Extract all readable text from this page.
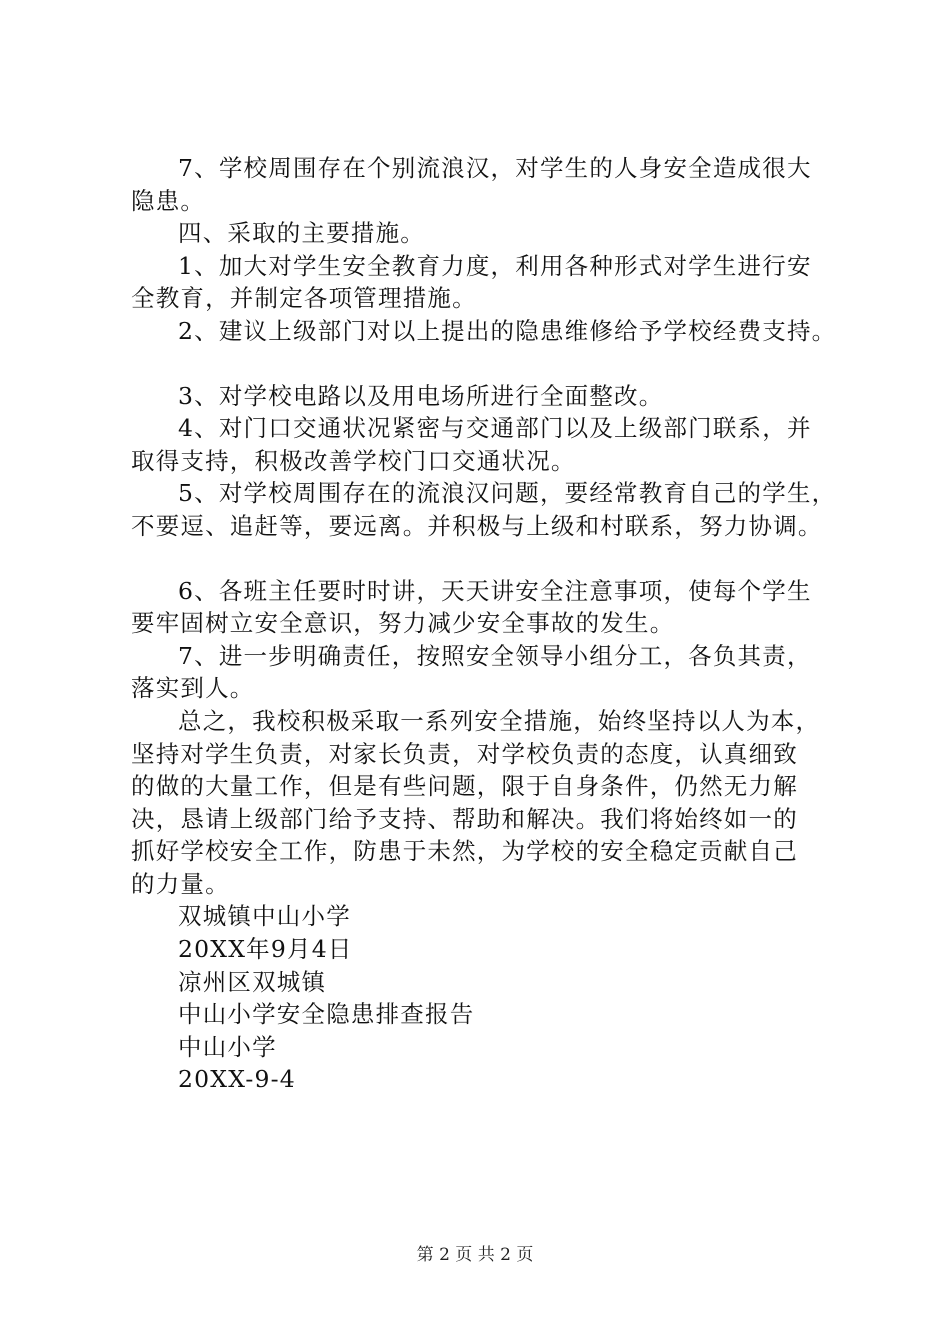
7、学校周围存在个别流浪汉，对学生的人身安全造成很大
隐患。
四、采取的主要措施。
1、加大对学生安全教育力度，利用各种形式对学生进行安
全教育，并制定各项管理措施。
2、建议上级部门对以上提出的隐患维修给予学校经费支持。
3、对学校电路以及用电场所进行全面整改。
4、对门口交通状况紧密与交通部门以及上级部门联系，并
取得支持，积极改善学校门口交通状况。
5、对学校周围存在的流浪汉问题，要经常教育自己的学生，
不要逗、追赶等，要远离。并积极与上级和村联系，努力协调。
6、各班主任要时时讲，天天讲安全注意事项，使每个学生
要牢固树立安全意识，努力减少安全事故的发生。
7、进一步明确责任，按照安全领导小组分工，各负其责，
落实到人。
总之，我校积极采取一系列安全措施，始终坚持以人为本，
坚持对学生负责，对家长负责，对学校负责的态度，认真细致
的做的大量工作，但是有些问题，限于自身条件，仍然无力解
决，恳请上级部门给予支持、帮助和解决。我们将始终如一的
抓好学校安全工作，防患于未然，为学校的安全稳定贡献自己
的力量。
双城镇中山小学
20XX年9月4日
凉州区双城镇
中山小学安全隐患排查报告
中山小学
20XX-9-4
第 2 页 共 2 页
